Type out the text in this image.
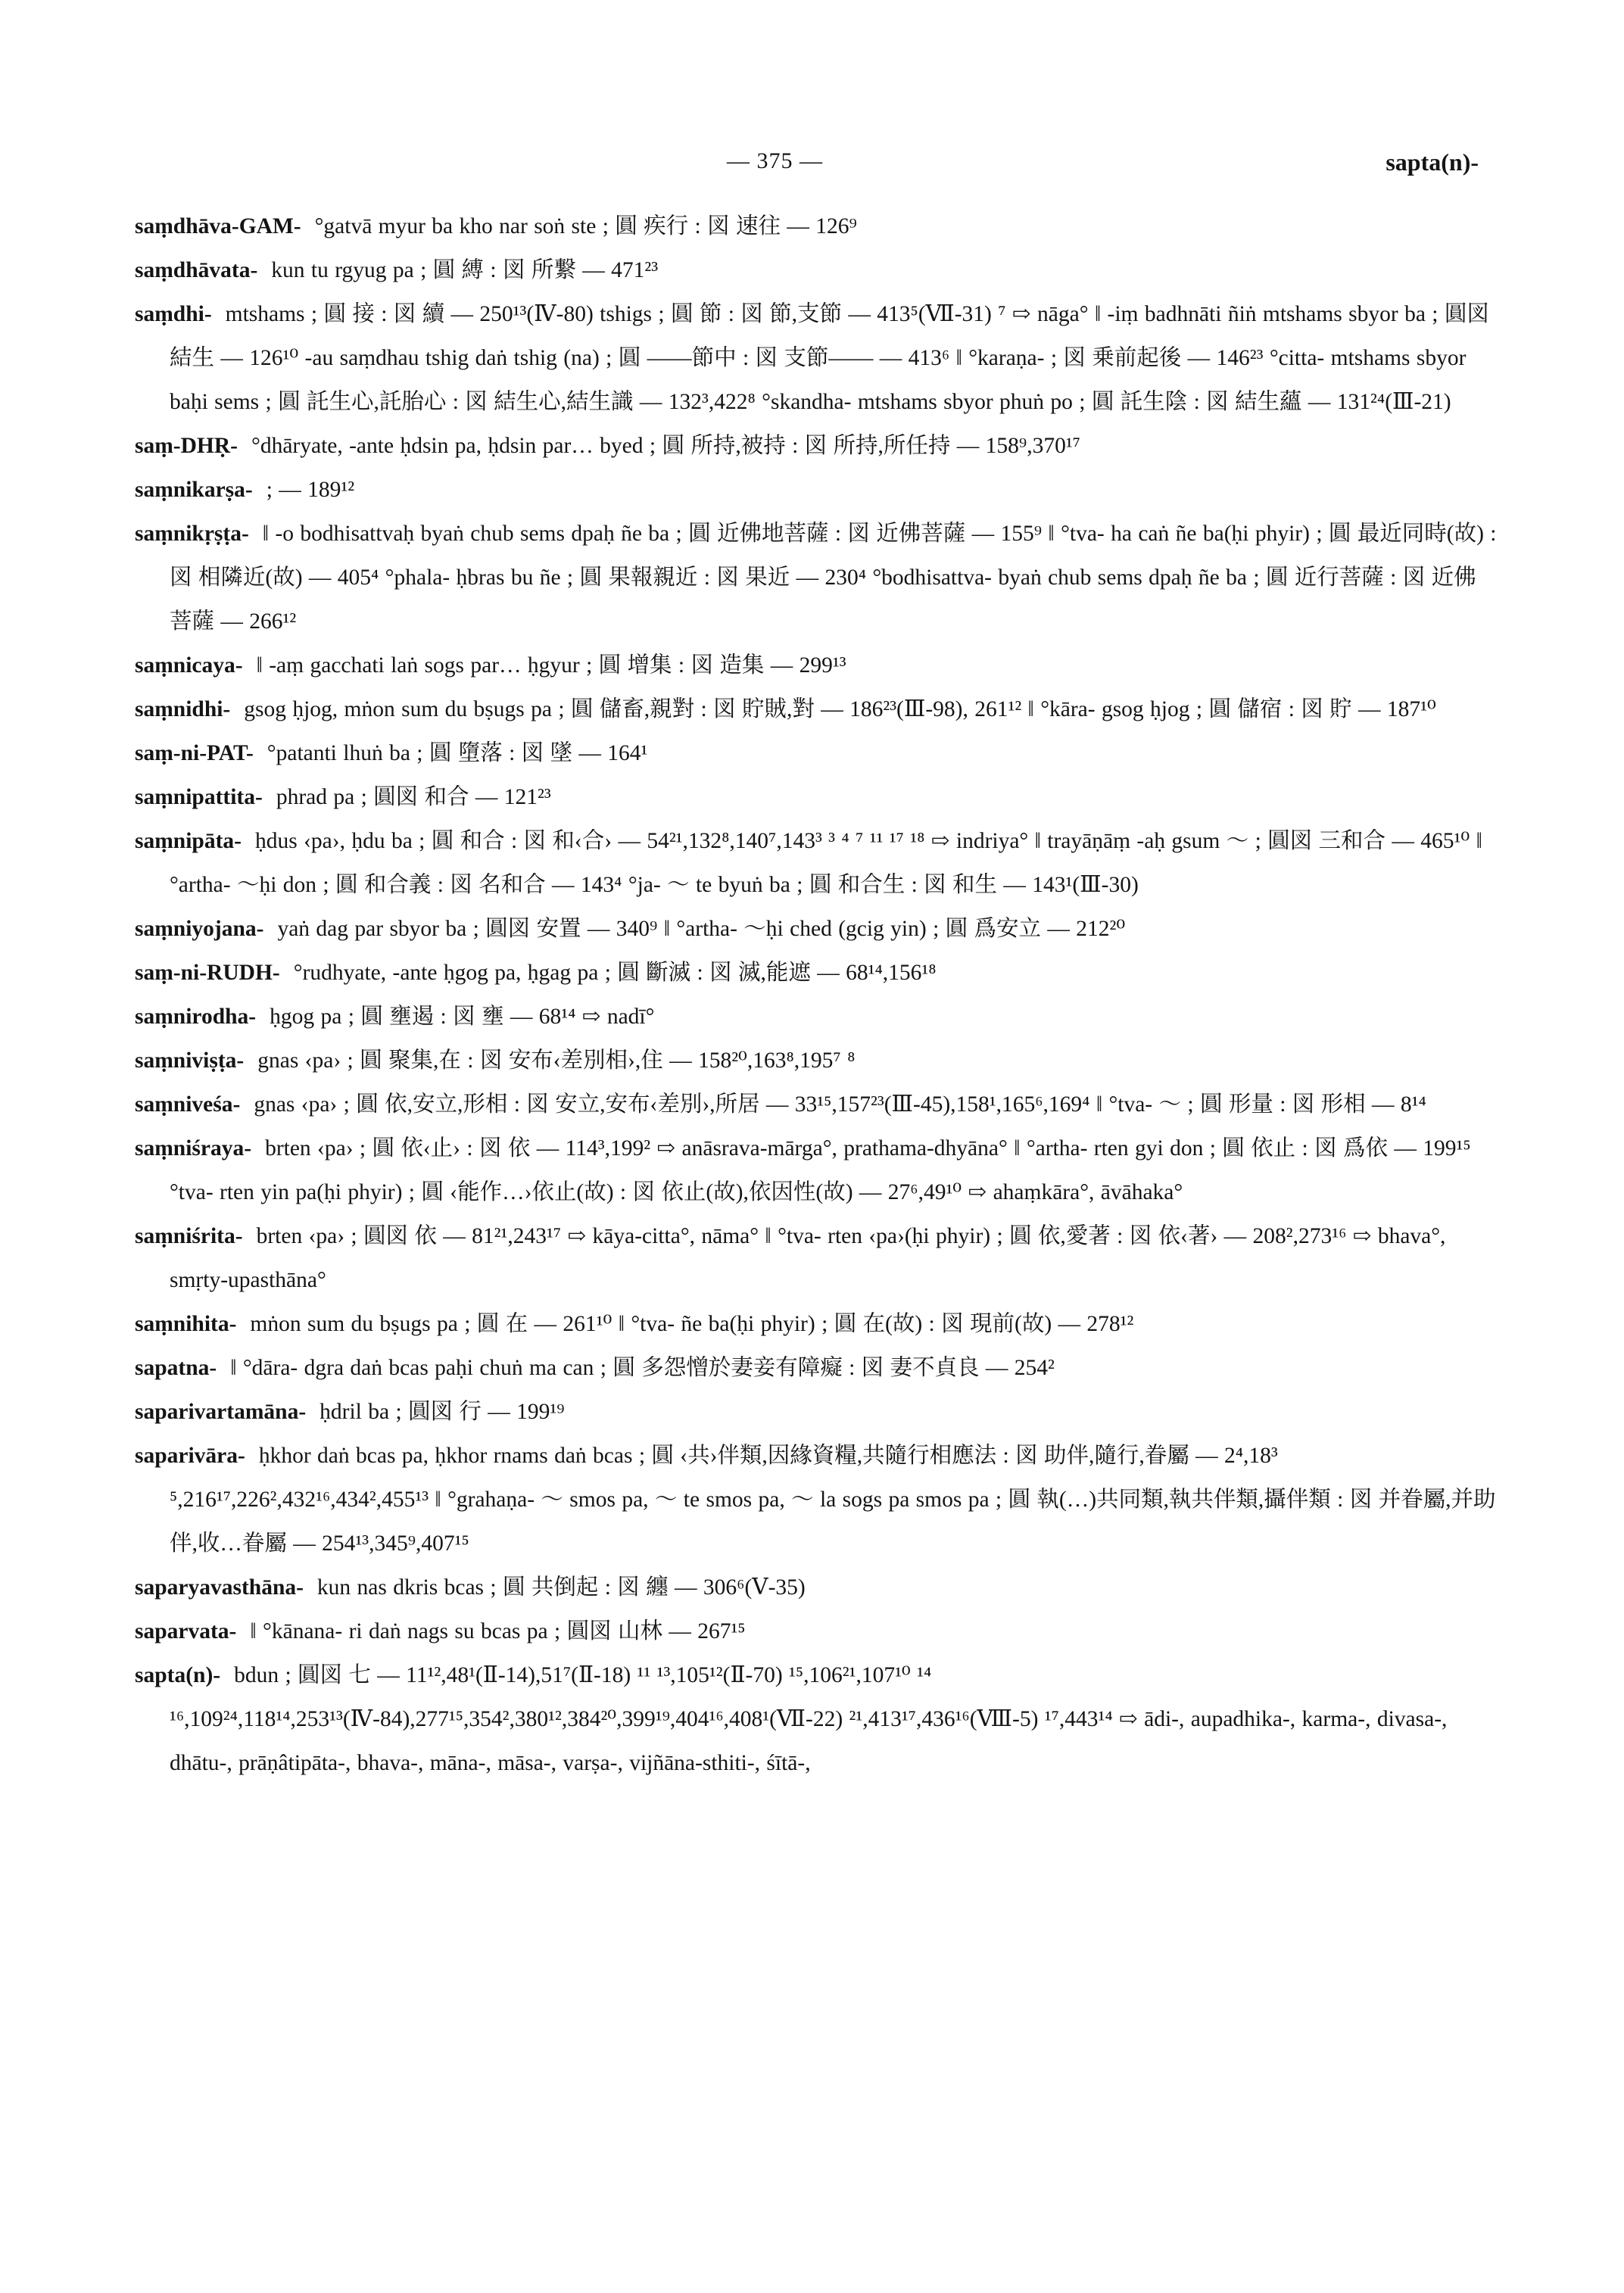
— 375 —	sapta(n)-

saṃdhāva-GAM- °gatvā myur ba kho nar soṅ ste ; 圓 疾行 : 図 速往 — 126⁹

saṃdhāvata- kun tu rgyug pa ; 圓 縛 : 図 所繋 — 471²³

saṃdhi- mtshams ; 圓 接 : 図 續 — 250¹³(Ⅳ-80) tshigs ; 圓 節 : 図 節,支節 — 413⁵(Ⅶ-31) ⁷ ⇨ nāga° ‖ -iṃ badhnāti ñiṅ mtshams sbyor ba ; 圓図 結生 — 126¹⁰ -au saṃdhau tshig daṅ tshig (na) ; 圓 ——節中 : 図 支節—— — 413⁶ ‖ °karaṇa- ; 図 乗前起後 — 146²³ °citta- mtshams sbyor baḥi sems ; 圓 託生心,託胎心 : 図 結生心,結生識 — 132³,422⁸ °skandha- mtshams sbyor phuṅ po ; 圓 託生陰 : 図 結生蘊 — 131²⁴(Ⅲ-21)

saṃ-DHṚ- °dhāryate, -ante ḥdsin pa, ḥdsin par… byed ; 圓 所持,被持 : 図 所持,所任持 — 158⁹,370¹⁷

saṃnikarṣa- ; — 189¹²

saṃnikṛṣṭa- ‖ -o bodhisattvaḥ byaṅ chub sems dpaḥ ñe ba ; 圓 近佛地菩薩 : 図 近佛菩薩 — 155⁹ ‖ °tva- ha caṅ ñe ba(ḥi phyir) ; 圓 最近同時(故) : 図 相隣近(故) — 405⁴ °phala- ḥbras bu ñe ; 圓 果報親近 : 図 果近 — 230⁴ °bodhisattva- byaṅ chub sems dpaḥ ñe ba ; 圓 近行菩薩 : 図 近佛菩薩 — 266¹²

saṃnicaya- ‖ -aṃ gacchati laṅ sogs par… ḥgyur ; 圓 增集 : 図 造集 — 299¹³

saṃnidhi- gsog ḥjog, mṅon sum du bṣugs pa ; 圓 儲畜,親對 : 図 貯賊,對 — 186²³(Ⅲ-98), 261¹² ‖ °kāra- gsog ḥjog ; 圓 儲宿 : 図 貯 — 187¹⁰

saṃ-ni-PAT- °patanti lhuṅ ba ; 圓 墮落 : 図 墜 — 164¹

saṃnipattita- phrad pa ; 圓図 和合 — 121²³

saṃnipāta- ḥdus ‹pa›, ḥdu ba ; 圓 和合 : 図 和‹合› — 54²¹,132⁸,140⁷,143³ ³ ⁴ ⁷ ¹¹ ¹⁷ ¹⁸ ⇨ indriya° ‖ trayāṇāṃ -aḥ gsum ～ ; 圓図 三和合 — 465¹⁰ ‖ °artha- ～ḥi don ; 圓 和合義 : 図 名和合 — 143⁴ °ja- ～ te byuṅ ba ; 圓 和合生 : 図 和生 — 143¹(Ⅲ-30)

saṃniyojana- yaṅ dag par sbyor ba ; 圓図 安置 — 340⁹ ‖ °artha- ～ḥi ched (gcig yin) ; 圓 爲安立 — 212²⁰

saṃ-ni-RUDH- °rudhyate, -ante ḥgog pa, ḥgag pa ; 圓 斷滅 : 図 滅,能遮 — 68¹⁴,156¹⁸

saṃnirodha- ḥgog pa ; 圓 壅遏 : 図 壅 — 68¹⁴ ⇨ nadī°

saṃniviṣṭa- gnas ‹pa› ; 圓 聚集,在 : 図 安布‹差別相›,住 — 158²⁰,163⁸,195⁷ ⁸

saṃniveśa- gnas ‹pa› ; 圓 依,安立,形相 : 図 安立,安布‹差別›,所居 — 33¹⁵,157²³(Ⅲ-45),158¹,165⁶,169⁴ ‖ °tva- ～ ; 圓 形量 : 図 形相 — 8¹⁴

saṃniśraya- brten ‹pa› ; 圓 依‹止› : 図 依 — 114³,199² ⇨ anāsrava-mārga°, prathama-dhyāna° ‖ °artha- rten gyi don ; 圓 依止 : 図 爲依 — 199¹⁵ °tva- rten yin pa(ḥi phyir) ; 圓 ‹能作…›依止(故) : 図 依止(故),依因性(故) — 27⁶,49¹⁰ ⇨ ahaṃkāra°, āvāhaka°

saṃniśrita- brten ‹pa› ; 圓図 依 — 81²¹,243¹⁷ ⇨ kāya-citta°, nāma° ‖ °tva- rten ‹pa›(ḥi phyir) ; 圓 依,愛著 : 図 依‹著› — 208²,273¹⁶ ⇨ bhava°, smṛty-upasthāna°

saṃnihita- mṅon sum du bṣugs pa ; 圓 在 — 261¹⁰ ‖ °tva- ñe ba(ḥi phyir) ; 圓 在(故) : 図 現前(故) — 278¹²

sapatna- ‖ °dāra- dgra daṅ bcas paḥi chuṅ ma can ; 圓 多怨憎於妻妾有障癡 : 図 妻不貞良 — 254²

saparivartamāna- ḥdril ba ; 圓図 行 — 199¹⁹

saparivāra- ḥkhor daṅ bcas pa, ḥkhor rnams daṅ bcas ; 圓 ‹共›伴類,因緣資糧,共隨行相應法 : 図 助伴,隨行,眷屬 — 2⁴,18³ ⁵,216¹⁷,226²,432¹⁶,434²,455¹³ ‖ °grahaṇa- ～ smos pa, ～ te smos pa, ～ la sogs pa smos pa ; 圓 執(…)共同類,執共伴類,攝伴類 : 図 并眷屬,并助伴,收…眷屬 — 254¹³,345⁹,407¹⁵

saparyavasthāna- kun nas dkris bcas ; 圓 共倒起 : 図 纏 — 306⁶(Ⅴ-35)

saparvata- ‖ °kānana- ri daṅ nags su bcas pa ; 圓図 山林 — 267¹⁵

sapta(n)- bdun ; 圓図 七 — 11¹²,48¹(Ⅱ-14),51⁷(Ⅱ-18) ¹¹ ¹³,105¹²(Ⅱ-70) ¹⁵,106²¹,107¹⁰ ¹⁴ ¹⁶,109²⁴,118¹⁴,253¹³(Ⅳ-84),277¹⁵,354²,380¹²,384²⁰,399¹⁹,404¹⁶,408¹(Ⅶ-22) ²¹,413¹⁷,436¹⁶(Ⅷ-5) ¹⁷,443¹⁴ ⇨ ādi-, aupadhika-, karma-, divasa-, dhātu-, prāṇâtipāta-, bhava-, māna-, māsa-, varṣa-, vijñāna-sthiti-, śītā-,
